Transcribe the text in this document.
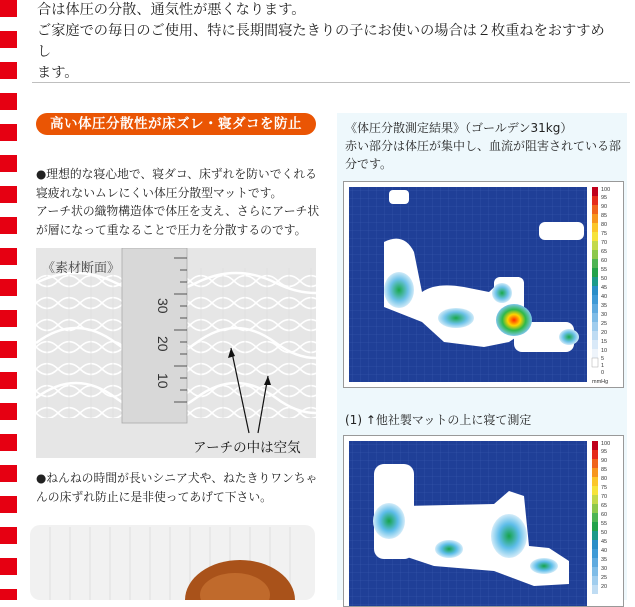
合は体圧の分散、通気性が悪くなります。

ご家庭での毎日のご使用、特に長期間寝たきりの子にお使いの場合は２枚重ねをおすすめし

ます。

高い体圧分散性が床ズレ・寝ダコを防止

●理想的な寝心地で、寝ダコ、床ずれを防いでくれる

寝疲れないムレにくい体圧分散型マットです。

アーチ状の織物構造体で体圧を支え、さらにアーチ状

が層になって重なることで圧力を分散するのです。

30
20
10
《素材断面》
アーチの中は空気

●ねんねの時間が長いシニア犬や、ねたきりワンちゃ

んの床ずれ防止に是非使ってあげて下さい。

《体圧分散測定結果》（ゴールデン31kg）

赤い部分は体圧が集中し、血流が阻害されている部

分です。

100
95
90
85
80
75
70
65
60
55
50
45
40
35
30
25
20
15
10
5
1
0
mmHg
(1) ↑他社製マットの上に寝て測定
100
95
90
85
80
75
70
65
60
55
50
45
40
35
30
25
20
